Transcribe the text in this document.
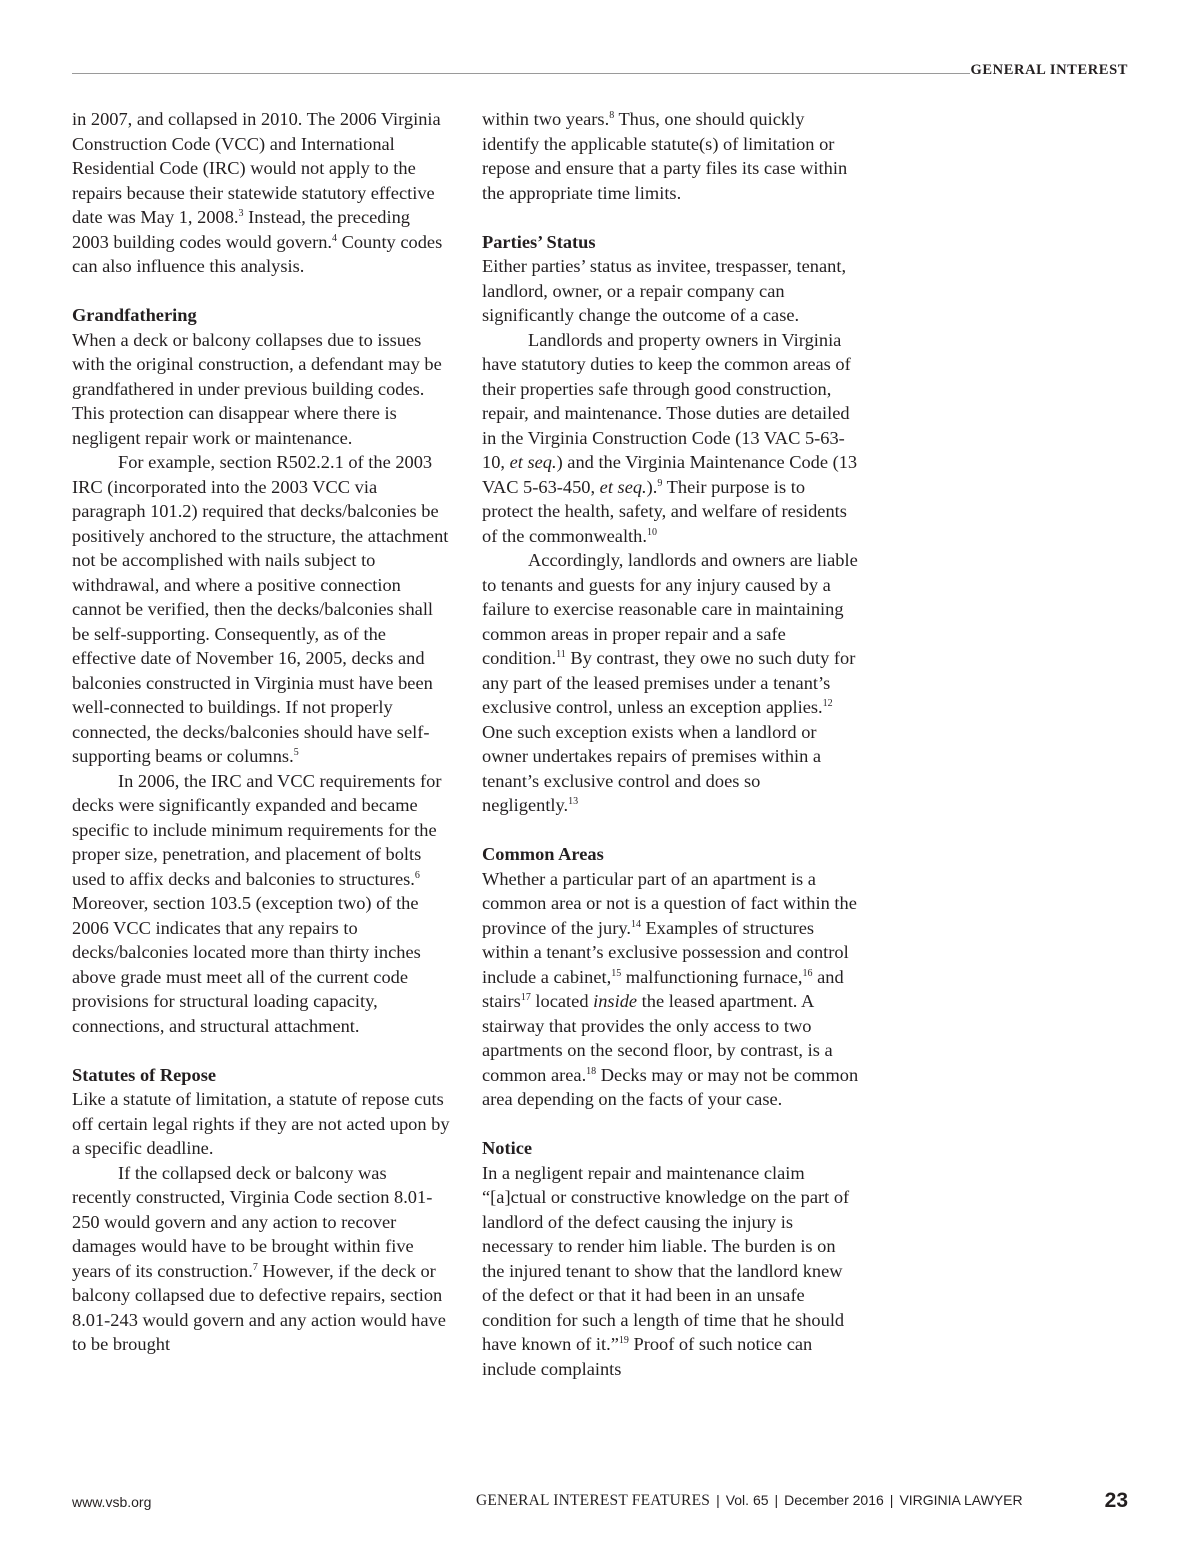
GENERAL INTEREST

in 2007, and collapsed in 2010. The 2006 Virginia Construction Code (VCC) and International Residential Code (IRC) would not apply to the repairs because their statewide statutory effective date was May 1, 2008.$^3$ Instead, the preceding 2003 building codes would govern.$^4$ County codes can also influence this analysis.

Grandfathering

When a deck or balcony collapses due to issues with the original construction, a defendant may be grandfathered in under previous building codes. This protection can disappear where there is negligent repair work or maintenance.

For example, section R502.2.1 of the 2003 IRC (incorporated into the 2003 VCC via paragraph 101.2) required that decks/balconies be positively anchored to the structure, the attachment not be accomplished with nails subject to withdrawal, and where a positive connection cannot be verified, then the decks/balconies shall be self-supporting. Consequently, as of the effective date of November 16, 2005, decks and balconies constructed in Virginia must have been well-connected to buildings. If not properly connected, the decks/balconies should have self-supporting beams or columns.$^5$

In 2006, the IRC and VCC requirements for decks were significantly expanded and became specific to include minimum requirements for the proper size, penetration, and placement of bolts used to affix decks and balconies to structures.$^6$ Moreover, section 103.5 (exception two) of the 2006 VCC indicates that any repairs to decks/balconies located more than thirty inches above grade must meet all of the current code provisions for structural loading capacity, connections, and structural attachment.

Statutes of Repose

Like a statute of limitation, a statute of repose cuts off certain legal rights if they are not acted upon by a specific deadline.

If the collapsed deck or balcony was recently constructed, Virginia Code section 8.01-250 would govern and any action to recover damages would have to be brought within five years of its construction.$^7$ However, if the deck or balcony collapsed due to defective repairs, section 8.01-243 would govern and any action would have to be brought

within two years.$^8$ Thus, one should quickly identify the applicable statute(s) of limitation or repose and ensure that a party files its case within the appropriate time limits.

Parties’ Status

Either parties’ status as invitee, trespasser, tenant, landlord, owner, or a repair company can significantly change the outcome of a case.

Landlords and property owners in Virginia have statutory duties to keep the common areas of their properties safe through good construction, repair, and maintenance. Those duties are detailed in the Virginia Construction Code (13 VAC 5-63-10, et seq.) and the Virginia Maintenance Code (13 VAC 5-63-450, et seq.).$^9$ Their purpose is to protect the health, safety, and welfare of residents of the commonwealth.$^{10}$

Accordingly, landlords and owners are liable to tenants and guests for any injury caused by a failure to exercise reasonable care in maintaining common areas in proper repair and a safe condition.$^{11}$ By contrast, they owe no such duty for any part of the leased premises under a tenant’s exclusive control, unless an exception applies.$^{12}$ One such exception exists when a landlord or owner undertakes repairs of premises within a tenant’s exclusive control and does so negligently.$^{13}$

Common Areas

Whether a particular part of an apartment is a common area or not is a question of fact within the province of the jury.$^{14}$ Examples of structures within a tenant’s exclusive possession and control include a cabinet,$^{15}$ malfunctioning furnace,$^{16}$ and stairs$^{17}$ located inside the leased apartment. A stairway that provides the only access to two apartments on the second floor, by contrast, is a common area.$^{18}$ Decks may or may not be common area depending on the facts of your case.

Notice

In a negligent repair and maintenance claim “[a]ctual or constructive knowledge on the part of landlord of the defect causing the injury is necessary to render him liable. The burden is on the injured tenant to show that the landlord knew of the defect or that it had been in an unsafe condition for such a length of time that he should have known of it.”$^{19}$ Proof of such notice can include complaints

www.vsb.org	GENERAL INTEREST FEATURES | Vol. 65 | December 2016 | VIRGINIA LAWYER	23
